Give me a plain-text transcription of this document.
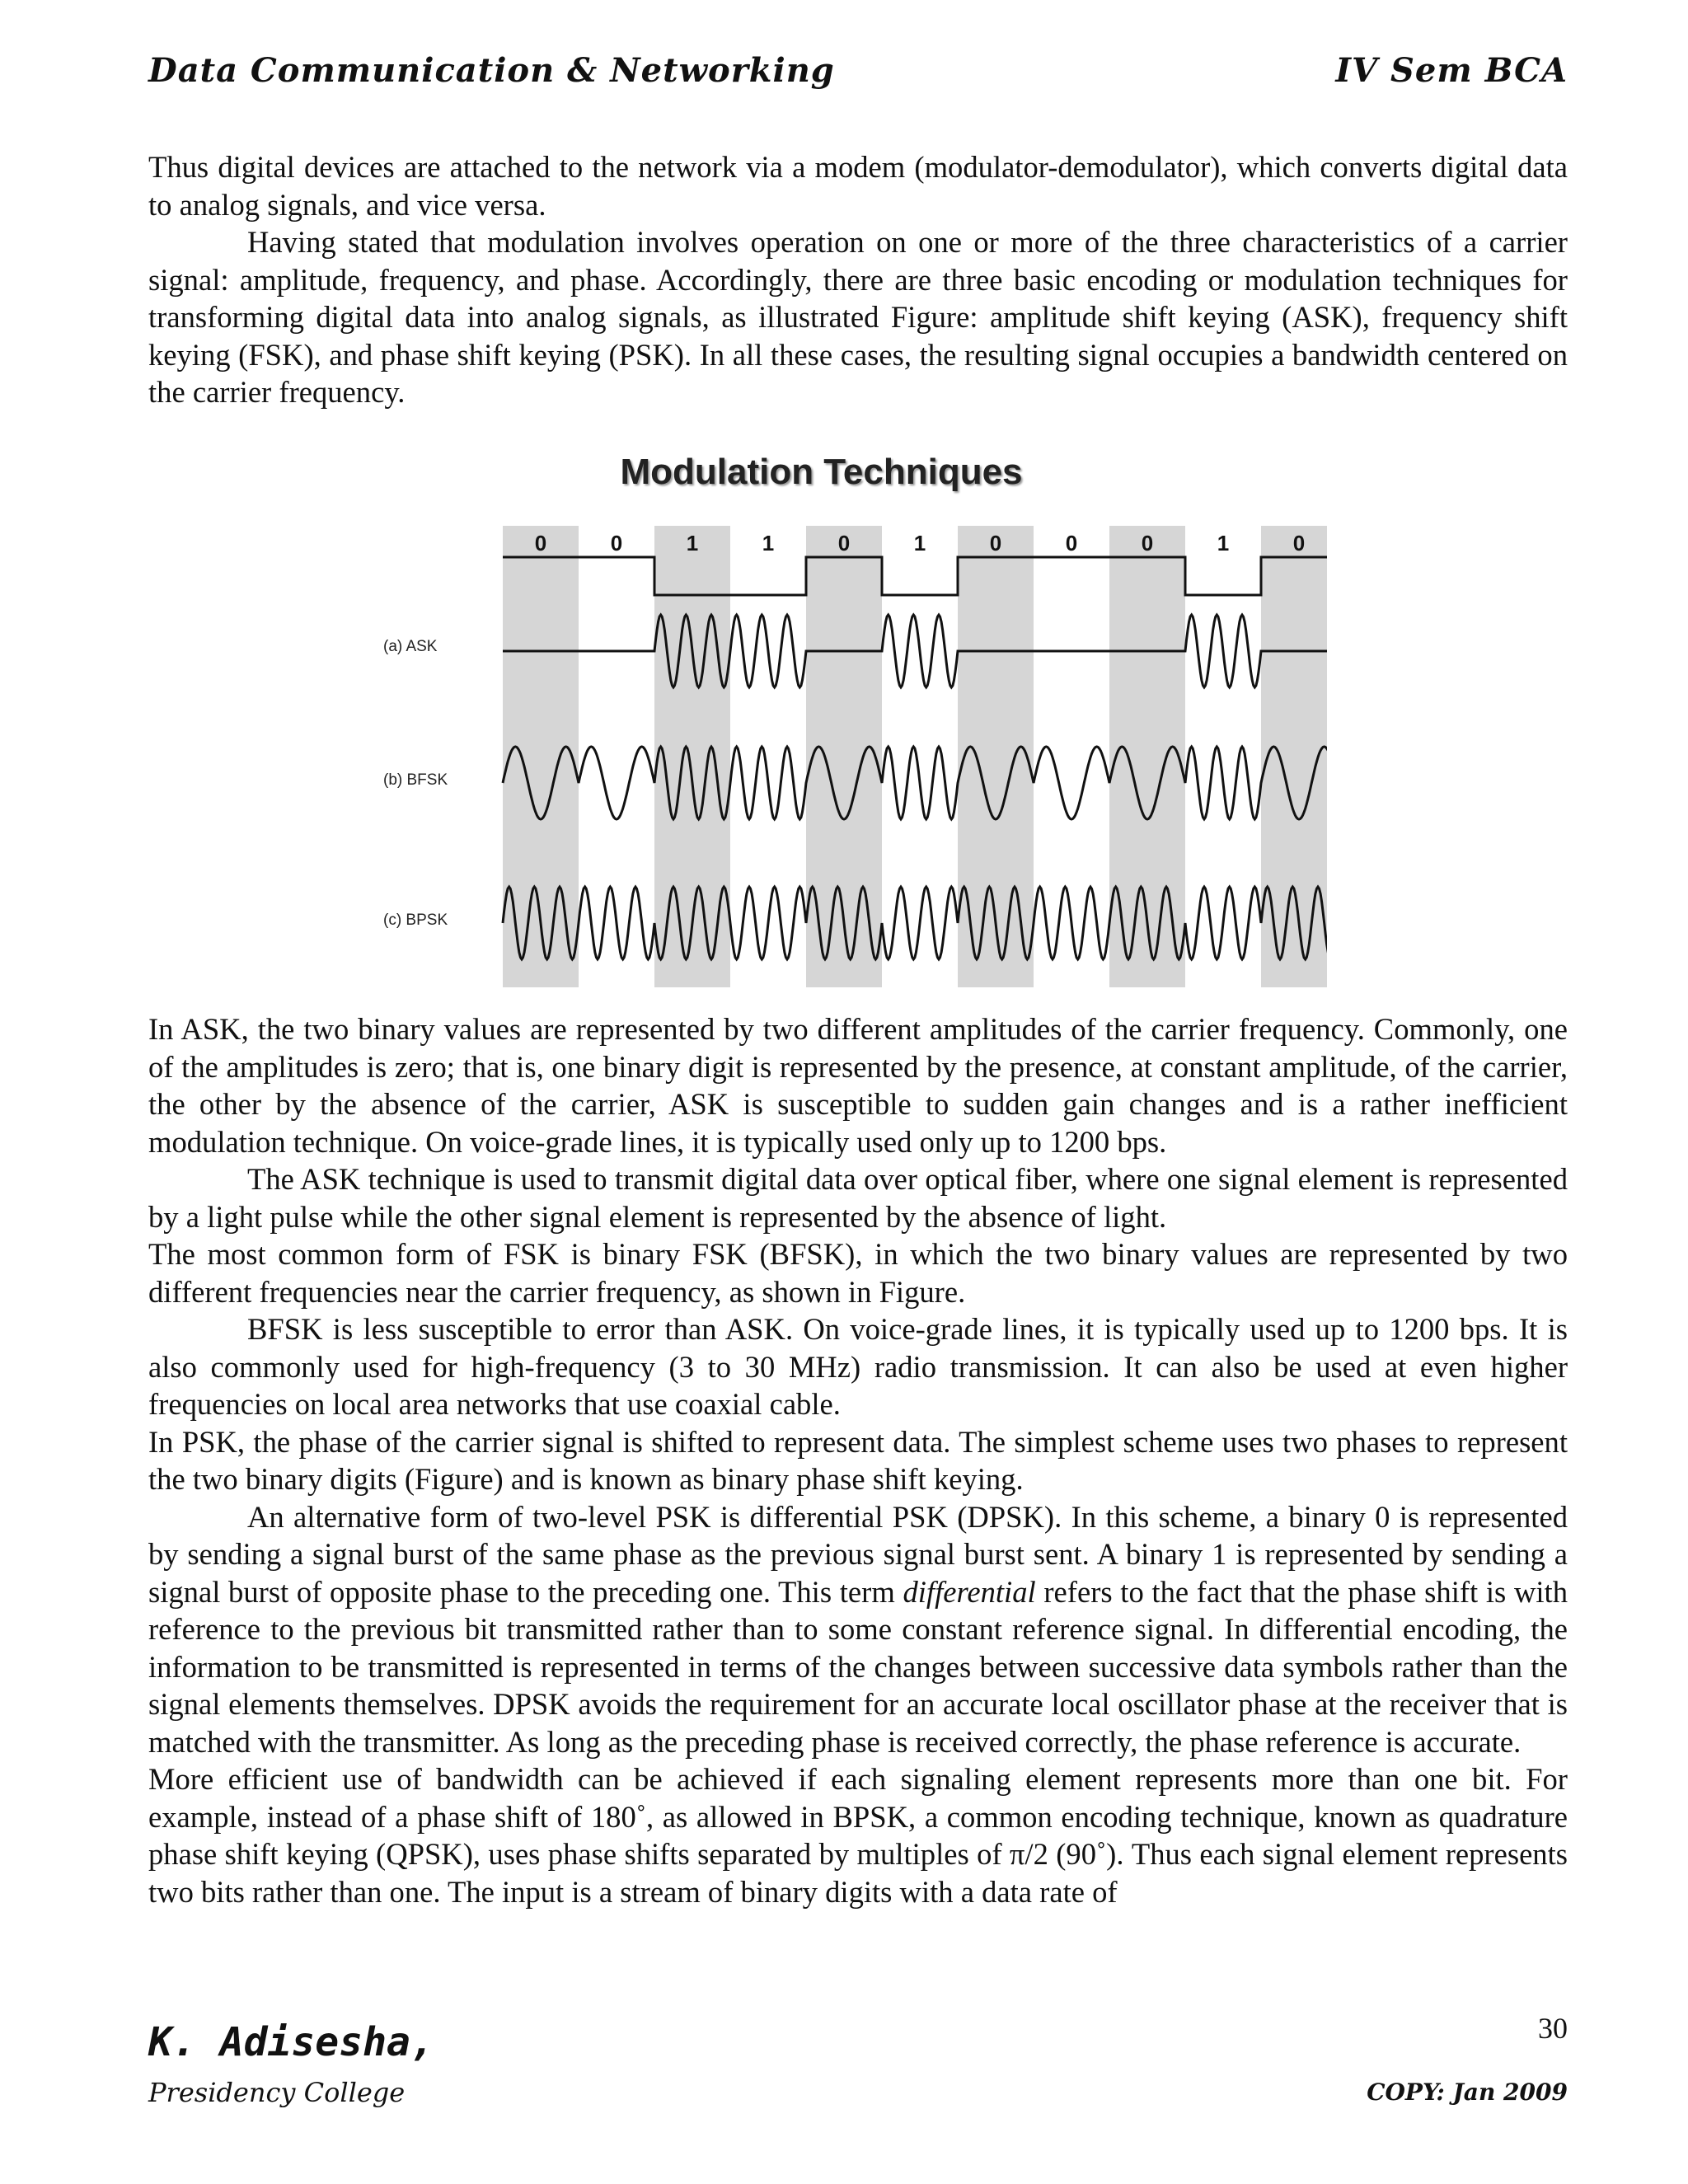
Data Communication & Networking	IV Sem BCA

Thus digital devices are attached to the network via a modem (modulator-demodulator), which converts digital data to analog signals, and vice versa.

Having stated that modulation involves operation on one or more of the three characteristics of a carrier signal: amplitude, frequency, and phase. Accordingly, there are three basic encoding or modulation techniques for transforming digital data into analog signals, as illustrated Figure: amplitude shift keying (ASK), frequency shift keying (FSK), and phase shift keying (PSK). In all these cases, the resulting signal occupies a bandwidth centered on the carrier frequency.

Modulation Techniques
0	0	1	1	0	1	0	0	0	1	0
(a) ASK
(b) BFSK
(c) BPSK

In ASK, the two binary values are represented by two different amplitudes of the carrier frequency. Commonly, one of the amplitudes is zero; that is, one binary digit is represented by the presence, at constant amplitude, of the carrier, the other by the absence of the carrier, ASK is susceptible to sudden gain changes and is a rather inefficient modulation technique. On voice-grade lines, it is typically used only up to 1200 bps.

The ASK technique is used to transmit digital data over optical fiber, where one signal element is represented by a light pulse while the other signal element is represented by the absence of light.

The most common form of FSK is binary FSK (BFSK), in which the two binary values are represented by two different frequencies near the carrier frequency, as shown in Figure.

BFSK is less susceptible to error than ASK. On voice-grade lines, it is typically used up to 1200 bps. It is also commonly used for high-frequency (3 to 30 MHz) radio transmission. It can also be used at even higher frequencies on local area networks that use coaxial cable.

In PSK, the phase of the carrier signal is shifted to represent data. The simplest scheme uses two phases to represent the two binary digits (Figure) and is known as binary phase shift keying.

An alternative form of two-level PSK is differential PSK (DPSK). In this scheme, a binary 0 is represented by sending a signal burst of the same phase as the previous signal burst sent. A binary 1 is represented by sending a signal burst of opposite phase to the preceding one. This term differential refers to the fact that the phase shift is with reference to the previous bit transmitted rather than to some constant reference signal. In differential encoding, the information to be transmitted is represented in terms of the changes between successive data symbols rather than the signal elements themselves. DPSK avoids the requirement for an accurate local oscillator phase at the receiver that is matched with the transmitter. As long as the preceding phase is received correctly, the phase reference is accurate.

More efficient use of bandwidth can be achieved if each signaling element represents more than one bit. For example, instead of a phase shift of 180˚, as allowed in BPSK, a common encoding technique, known as quadrature phase shift keying (QPSK), uses phase shifts separated by multiples of π/2 (90˚). Thus each signal element represents two bits rather than one. The input is a stream of binary digits with a data rate of

K. Adisesha,
Presidency College
30
COPY: Jan 2009
